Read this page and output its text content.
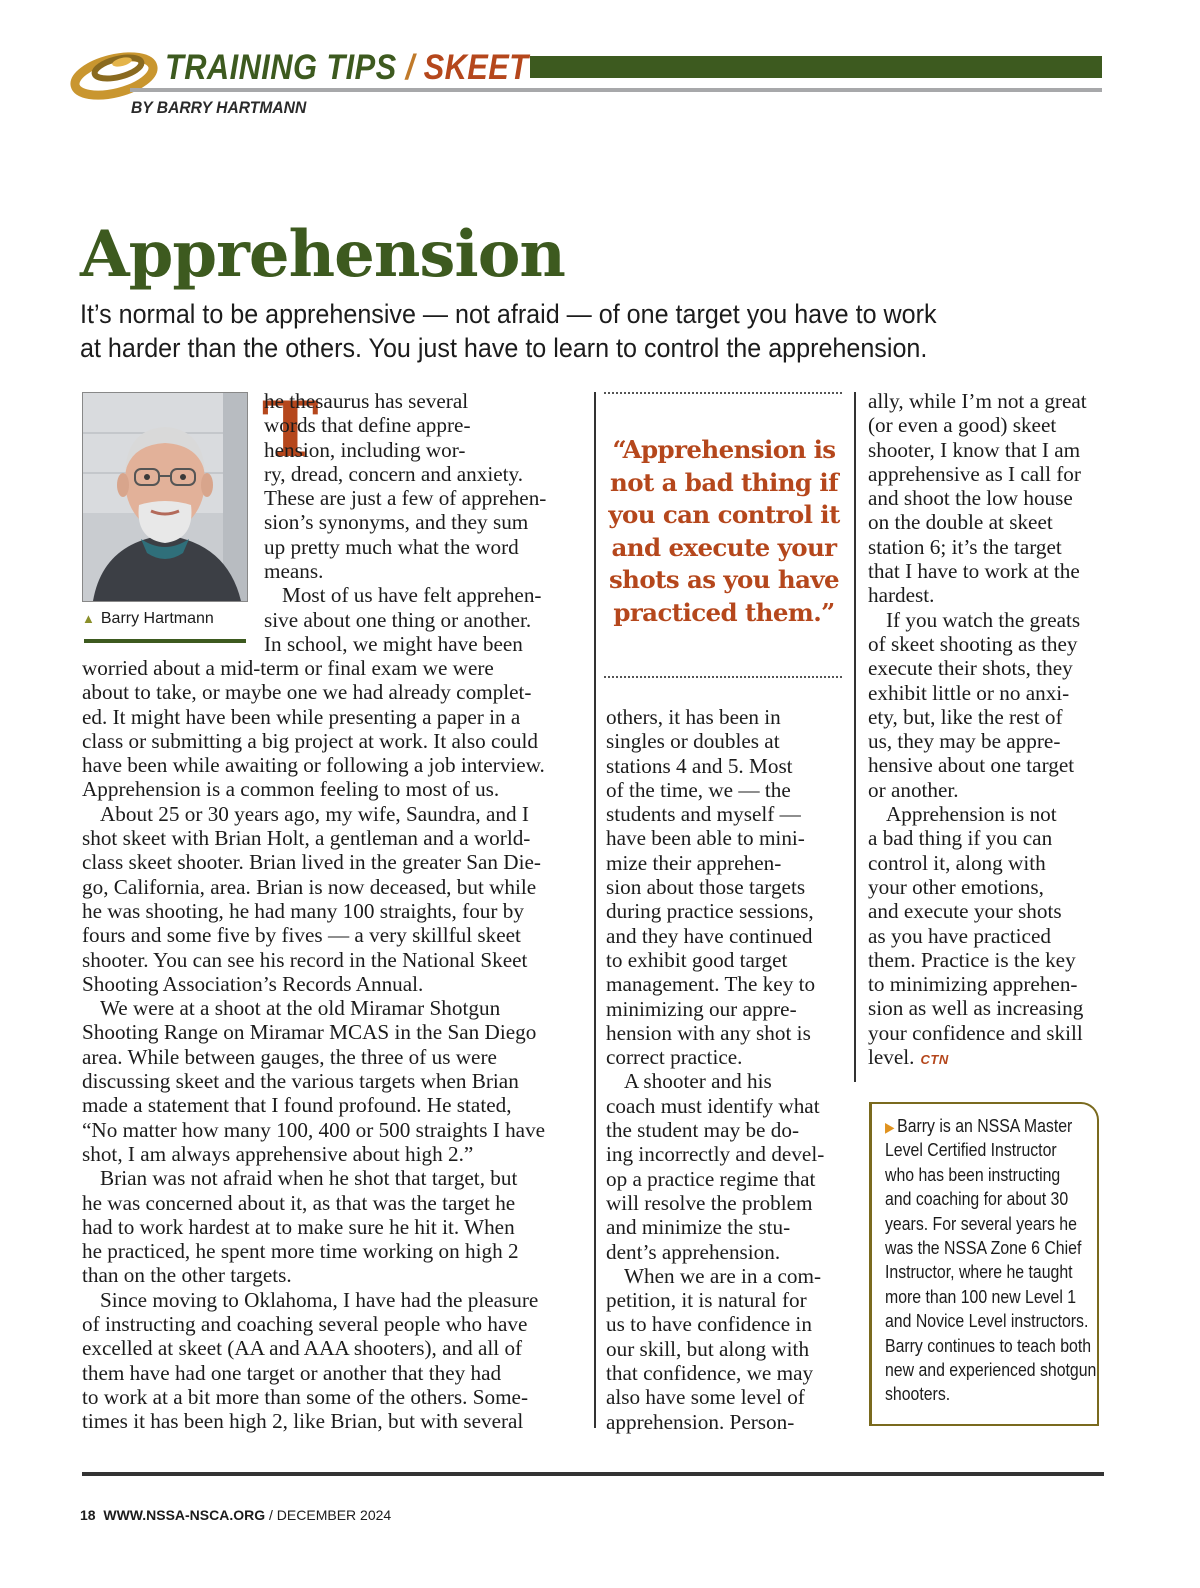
TRAINING TIPS / SKEET

BY BARRY HARTMANN

Apprehension

It’s normal to be apprehensive — not afraid — of one target you have to work
at harder than the others. You just have to learn to control the apprehension.

▲ Barry Hartmann

T

he thesaurus has several
words that define appre-
hension, including wor-
ry, dread, concern and anxiety.
These are just a few of apprehen-
sion’s synonyms, and they sum
up pretty much what the word
means.
Most of us have felt apprehen-
sive about one thing or another.
In school, we might have been
worried about a mid-term or final exam we were
about to take, or maybe one we had already complet-
ed. It might have been while presenting a paper in a
class or submitting a big project at work. It also could
have been while awaiting or following a job interview.
Apprehension is a common feeling to most of us.
About 25 or 30 years ago, my wife, Saundra, and I
shot skeet with Brian Holt, a gentleman and a world-
class skeet shooter. Brian lived in the greater San Die-
go, California, area. Brian is now deceased, but while
he was shooting, he had many 100 straights, four by
fours and some five by fives — a very skillful skeet
shooter. You can see his record in the National Skeet
Shooting Association’s Records Annual.
We were at a shoot at the old Miramar Shotgun
Shooting Range on Miramar MCAS in the San Diego
area. While between gauges, the three of us were
discussing skeet and the various targets when Brian
made a statement that I found profound. He stated,
“No matter how many 100, 400 or 500 straights I have
shot, I am always apprehensive about high 2.”
Brian was not afraid when he shot that target, but
he was concerned about it, as that was the target he
had to work hardest at to make sure he hit it. When
he practiced, he spent more time working on high 2
than on the other targets.
Since moving to Oklahoma, I have had the pleasure
of instructing and coaching several people who have
excelled at skeet (AA and AAA shooters), and all of
them have had one target or another that they had
to work at a bit more than some of the others. Some-
times it has been high 2, like Brian, but with several
“Apprehension is
not a bad thing if
you can control it
and execute your
shots as you have
practiced them.”
others, it has been in
singles or doubles at
stations 4 and 5. Most
of the time, we — the
students and myself —
have been able to mini-
mize their apprehen-
sion about those targets
during practice sessions,
and they have continued
to exhibit good target
management. The key to
minimizing our appre-
hension with any shot is
correct practice.
A shooter and his
coach must identify what
the student may be do-
ing incorrectly and devel-
op a practice regime that
will resolve the problem
and minimize the stu-
dent’s apprehension.
When we are in a com-
petition, it is natural for
us to have confidence in
our skill, but along with
that confidence, we may
also have some level of
apprehension. Person-
ally, while I’m not a great
(or even a good) skeet
shooter, I know that I am
apprehensive as I call for
and shoot the low house
on the double at skeet
station 6; it’s the target
that I have to work at the
hardest.
If you watch the greats
of skeet shooting as they
execute their shots, they
exhibit little or no anxi-
ety, but, like the rest of
us, they may be appre-
hensive about one target
or another.
Apprehension is not
a bad thing if you can
control it, along with
your other emotions,
and execute your shots
as you have practiced
them. Practice is the key
to minimizing apprehen-
sion as well as increasing
your confidence and skill
level. CTN
▶ Barry is an NSSA Master
Level Certified Instructor
who has been instructing
and coaching for about 30
years. For several years he
was the NSSA Zone 6 Chief
Instructor, where he taught
more than 100 new Level 1
and Novice Level instructors.
Barry continues to teach both
new and experienced shotgun
shooters.

18 WWW.NSSA-NSCA.ORG / DECEMBER 2024
